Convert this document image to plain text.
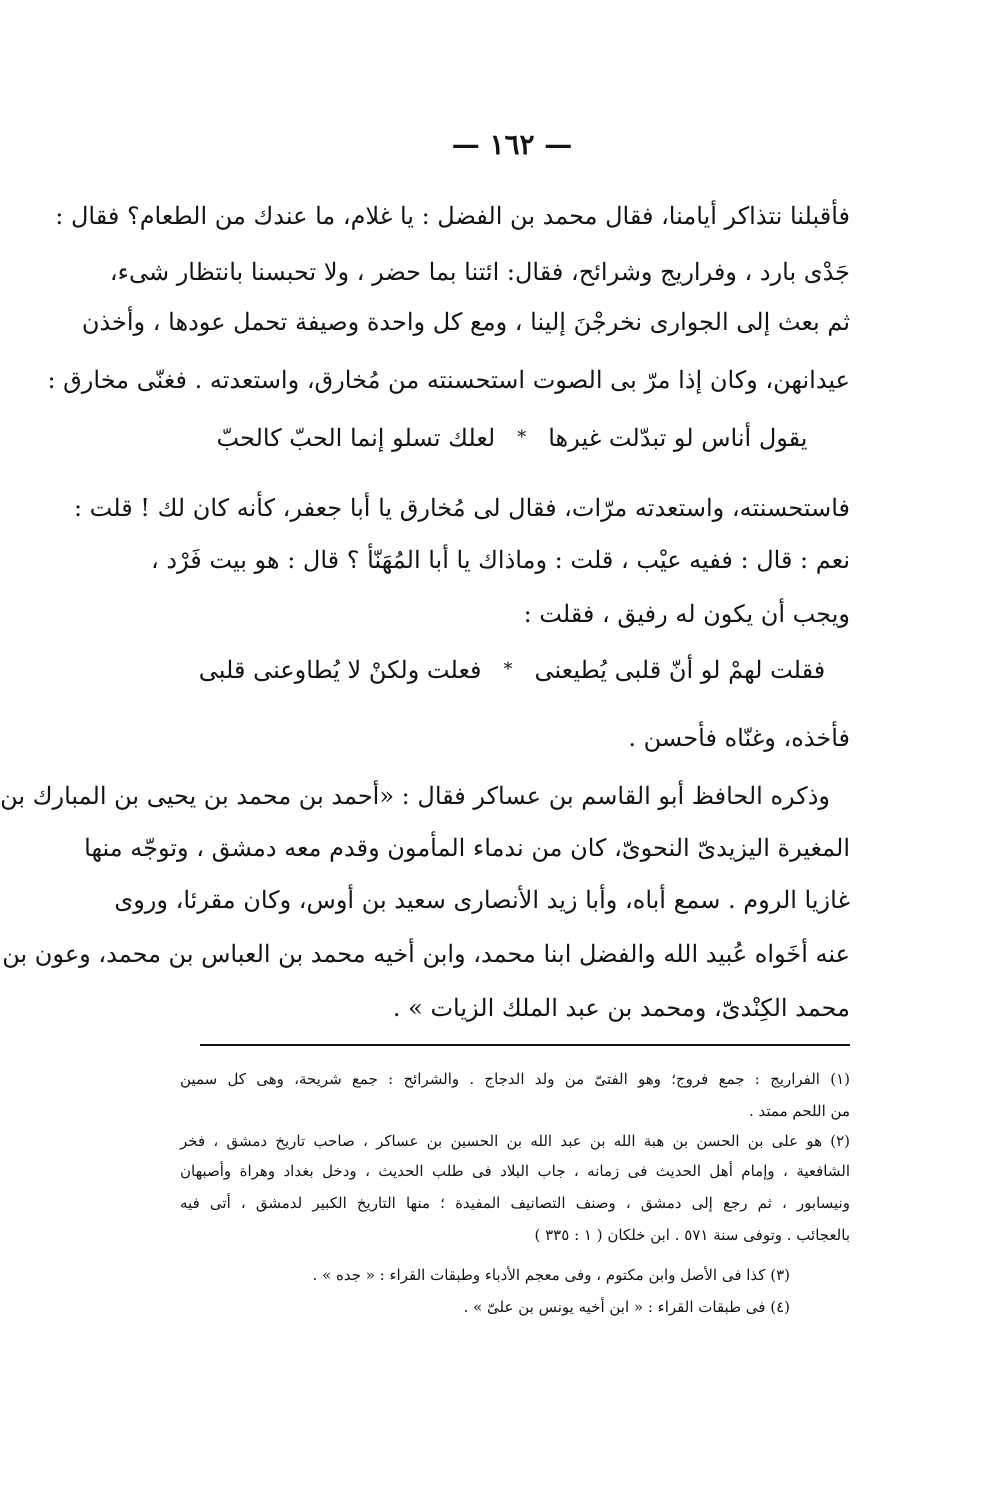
— ١٦٢ —
فأقبلنا نتذاكر أيامنا، فقال محمد بن الفضل : يا غلام، ما عندك من الطعام؟ فقال :
جَدْى بارد ، وفراريج وشرائح، فقال: ائتنا بما حضر ، ولا تحبسنا بانتظار شىء،
ثم بعث إلى الجوارى نخرجْنَ إلينا ، ومع كل واحدة وصيفة تحمل عودها ، وأخذن
عيدانهن، وكان إذا مرّ بى الصوت استحسنته من مُخارق، واستعدته . فغنّى مخارق :
يقول أناس لو تبدّلت غيرها
*
لعلك تسلو إنما الحبّ كالحبّ
فاستحسنته، واستعدته مرّات، فقال لى مُخارق يا أبا جعفر، كأنه كان لك ! قلت :
نعم : قال : ففيه عيْب ، قلت : وماذاك يا أبا المُهَنّأ ؟ قال : هو بيت فَرْد ،
ويجب أن يكون له رفيق ، فقلت :
فقلت لهمْ لو أنّ قلبى يُطيعنى
*
فعلت ولكنْ لا يُطاوعنى قلبى
فأخذه، وغنّاه فأحسن .
وذكره الحافظ أبو القاسم بن عساكر فقال : «أحمد بن محمد بن يحيى بن المبارك بن
المغيرة اليزيدىّ النحوىّ، كان من ندماء المأمون وقدم معه دمشق ، وتوجّه منها
غازيا الروم . سمع أباه، وأبا زيد الأنصارى سعيد بن أوس، وكان مقرئا، وروى
عنه أخَواه عُبيد الله والفضل ابنا محمد، وابن أخيه محمد بن العباس بن محمد، وعون بن
محمد الكِنْدىّ، ومحمد بن عبد الملك الزيات » .
(١) الفراريج : جمع فروج؛ وهو الفتىّ من ولد الدجاج . والشرائح : جمع شريحة، وهى كل سمين
من اللحم ممتد .
(٢) هو على بن الحسن بن هبة الله بن عبد الله بن الحسين بن عساكر ، صاحب تاريخ دمشق ، فخر
الشافعية ، وإمام أهل الحديث فى زمانه ، جاب البلاد فى طلب الحديث ، ودخل بغداد وهراة وأصبهان
ونيسابور ، ثم رجع إلى دمشق ، وصنف التصانيف المفيدة ؛ منها التاريخ الكبير لدمشق ، أتى فيه
بالعجائب . وتوفى سنة ٥٧١ . ابن خلكان ( ١ : ٣٣٥ )
(٣) كذا فى الأصل وابن مكتوم ، وفى معجم الأدباء وطبقات القراء : « جده » .
(٤) فى طبقات القراء : « ابن أخيه يونس بن علىّ » .
